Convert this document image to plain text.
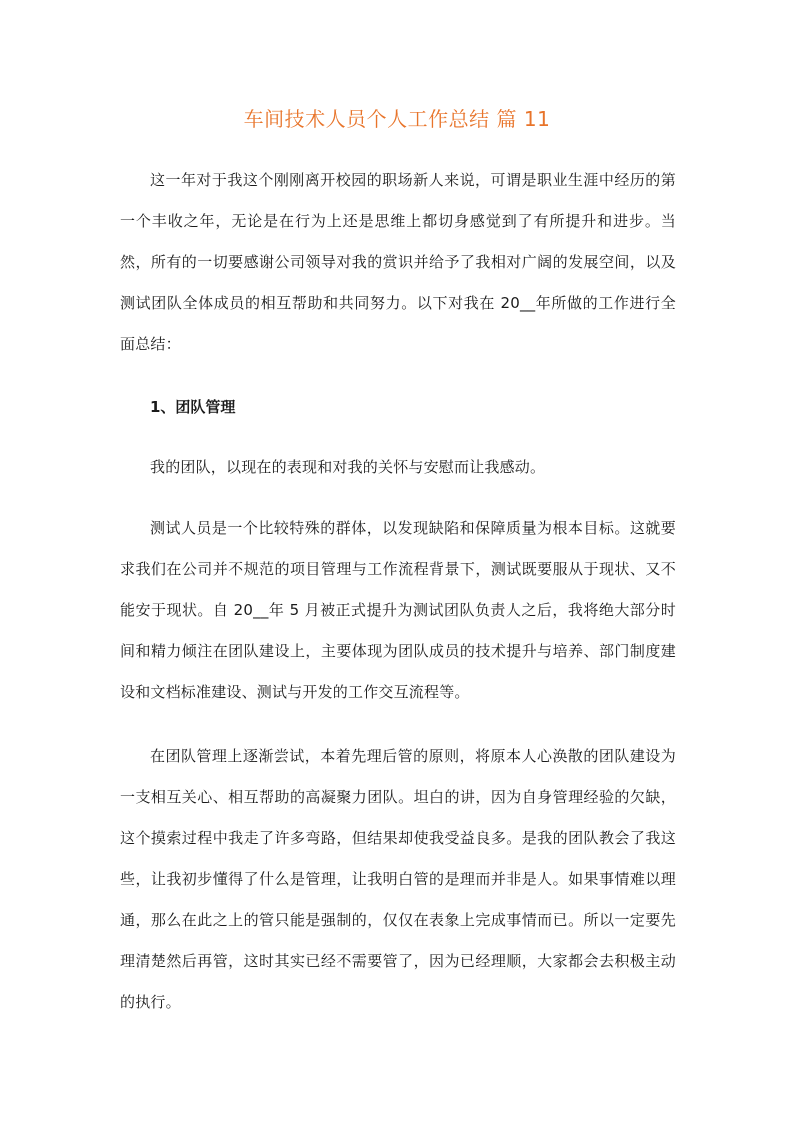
车间技术人员个人工作总结 篇 11
这一年对于我这个刚刚离开校园的职场新人来说，可谓是职业生涯中经历的第一个丰收之年，无论是在行为上还是思维上都切身感觉到了有所提升和进步。当然，所有的一切要感谢公司领导对我的赏识并给予了我相对广阔的发展空间，以及测试团队全体成员的相互帮助和共同努力。以下对我在 20__年所做的工作进行全面总结：
1、团队管理
我的团队，以现在的表现和对我的关怀与安慰而让我感动。
测试人员是一个比较特殊的群体，以发现缺陷和保障质量为根本目标。这就要求我们在公司并不规范的项目管理与工作流程背景下，测试既要服从于现状、又不能安于现状。自 20__年 5 月被正式提升为测试团队负责人之后，我将绝大部分时间和精力倾注在团队建设上，主要体现为团队成员的技术提升与培养、部门制度建设和文档标准建设、测试与开发的工作交互流程等。
在团队管理上逐渐尝试，本着先理后管的原则，将原本人心涣散的团队建设为一支相互关心、相互帮助的高凝聚力团队。坦白的讲，因为自身管理经验的欠缺，这个摸索过程中我走了许多弯路，但结果却使我受益良多。是我的团队教会了我这些，让我初步懂得了什么是管理，让我明白管的是理而并非是人。如果事情难以理通，那么在此之上的管只能是强制的，仅仅在表象上完成事情而已。所以一定要先理清楚然后再管，这时其实已经不需要管了，因为已经理顺，大家都会去积极主动的执行。
